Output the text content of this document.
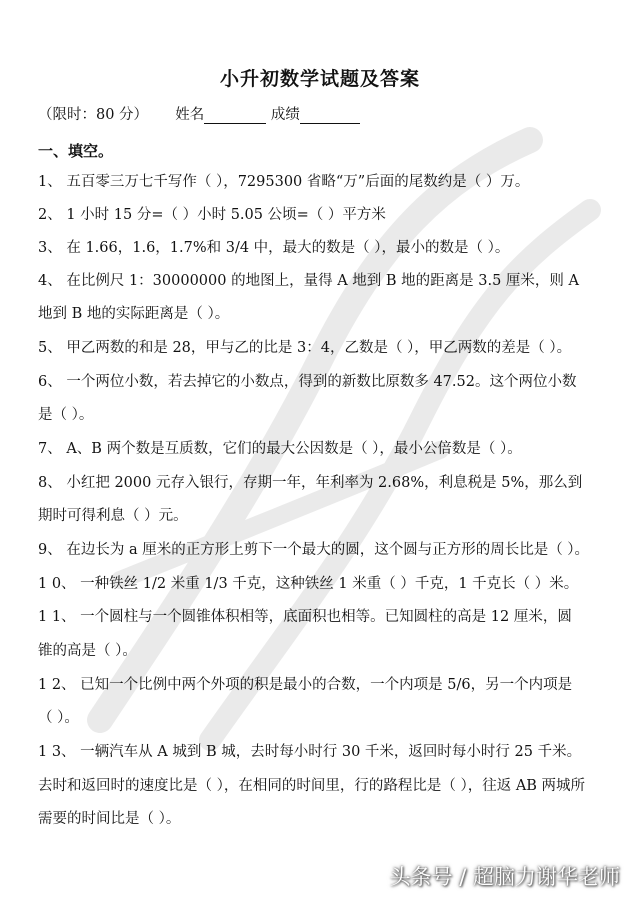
小升初数学试题及答案
（限时：80 分） 姓名	成绩
一、填空。
1、 五百零三万七千写作（ ），7295300 省略“万”后面的尾数约是（ ）万。
2、 1 小时 15 分=（ ）小时 5.05 公顷=（ ）平方米
3、 在 1.66，1.6，1.7%和 3/4 中，最大的数是（ ），最小的数是（ ）。
4、 在比例尺 1：30000000 的地图上，量得 A 地到 B 地的距离是 3.5 厘米，则 A
地到 B 地的实际距离是（ ）。
5、 甲乙两数的和是 28，甲与乙的比是 3：4，乙数是（ ），甲乙两数的差是（ ）。
6、 一个两位小数，若去掉它的小数点，得到的新数比原数多 47.52。这个两位小数
是（ ）。
7、 A、B 两个数是互质数，它们的最大公因数是（ ），最小公倍数是（ ）。
8、 小红把 2000 元存入银行，存期一年，年利率为 2.68%，利息税是 5%，那么到
期时可得利息（ ）元。
9、 在边长为 a 厘米的正方形上剪下一个最大的圆，这个圆与正方形的周长比是（ ）。
1 0、 一种铁丝 1/2 米重 1/3 千克，这种铁丝 1 米重（ ）千克，1 千克长（ ）米。
1 1、 一个圆柱与一个圆锥体积相等，底面积也相等。已知圆柱的高是 12 厘米，圆
锥的高是（ ）。
1 2、 已知一个比例中两个外项的积是最小的合数，一个内项是 5/6，另一个内项是
（ ）。
1 3、 一辆汽车从 A 城到 B 城，去时每小时行 30 千米，返回时每小时行 25 千米。
去时和返回时的速度比是（ ），在相同的时间里，行的路程比是（ ），往返 AB 两城所
需要的时间比是（ ）。
头条号 / 超脑力谢华老师
